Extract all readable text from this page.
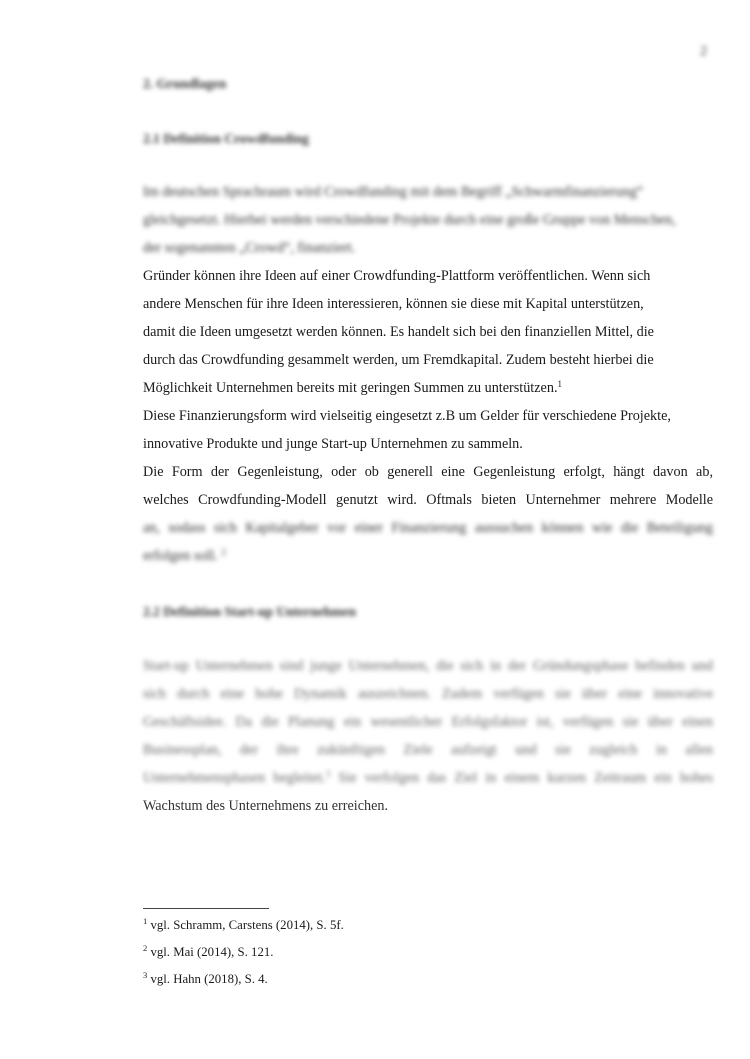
2
2. Grundlagen
2.1 Definition Crowdfunding

Im deutschen Sprachraum wird Crowdfunding mit dem Begriff „Schwarmfinanzierung“
gleichgesetzt. Hierbei werden verschiedene Projekte durch eine große Gruppe von Menschen,
der sogenannten „Crowd“, finanziert.

Gründer können ihre Ideen auf einer Crowdfunding-Plattform veröffentlichen. Wenn sich
andere Menschen für ihre Ideen interessieren, können sie diese mit Kapital unterstützen,
damit die Ideen umgesetzt werden können. Es handelt sich bei den finanziellen Mittel, die
durch das Crowdfunding gesammelt werden, um Fremdkapital. Zudem besteht hierbei die
Möglichkeit Unternehmen bereits mit geringen Summen zu unterstützen.$^1$

Diese Finanzierungsform wird vielseitig eingesetzt z.B um Gelder für verschiedene Projekte,
innovative Produkte und junge Start-up Unternehmen zu sammeln.

Die Form der Gegenleistung, oder ob generell eine Gegenleistung erfolgt, hängt davon ab,
welches Crowdfunding-Modell genutzt wird. Oftmals bieten Unternehmer mehrere Modelle
an, sodass sich Kapitalgeber vor einer Finanzierung aussuchen können wie die Beteiligung
erfolgen soll. $^2$

2.2 Definition Start-up Unternehmen

Start-up Unternehmen sind junge Unternehmen, die sich in der Gründungsphase befinden und
sich durch eine hohe Dynamik auszeichnen. Zudem verfügen sie über eine innovative
Geschäftsidee. Da die Planung ein wesentlicher Erfolgsfaktor ist, verfügen sie über einen
Businessplan, der ihre zukünftigen Ziele aufzeigt und sie zugleich in allen
Unternehmensphasen begleitet.$^3$ Sie verfolgen das Ziel in einem kurzen Zeitraum ein hohes
Wachstum des Unternehmens zu erreichen.

$^1$ vgl. Schramm, Carstens (2014), S. 5f.
$^2$ vgl. Mai (2014), S. 121.
$^3$ vgl. Hahn (2018), S. 4.
